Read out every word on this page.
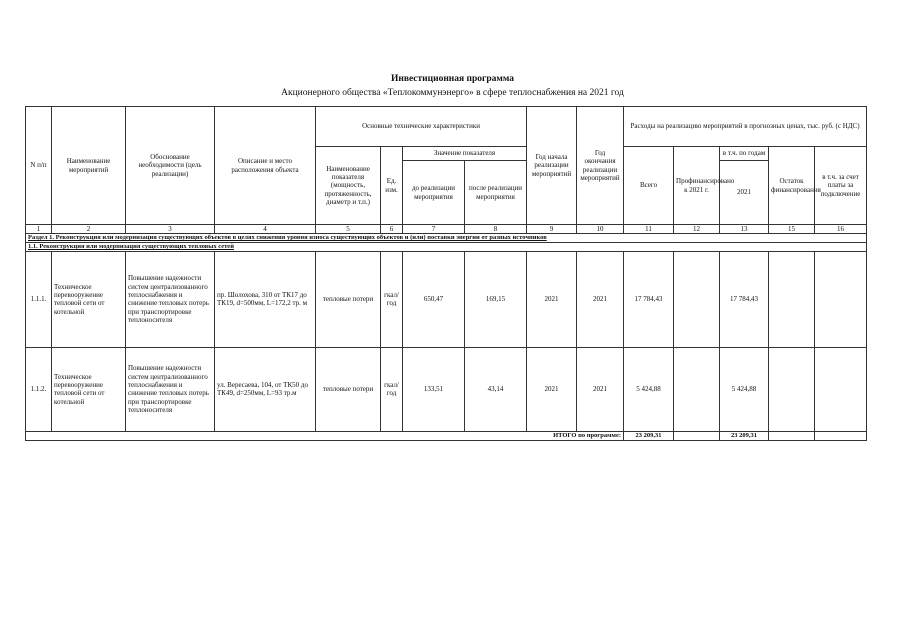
Инвестиционная программа
Акционерного общества «Теплокоммунэнерго» в сфере теплоснабжения на 2021 год
N п/п	Наименование мероприятий	Обоснование необходимости (цель реализации)	Описание и место расположения объекта	Основные технические характеристики				Год начала реализации мероприятий	Год окончания реализации мероприятий	Расходы на реализацию мероприятий в прогнозных ценах, тыс. руб. (с НДС)				
				Наименование показателя (мощность, протяженность, диаметр и т.п.)	Ед. изм.	Значение показателя				Всего	Профинансировано к 2021 г.	в т.ч. по годам	Остаток финансирования	в т.ч. за счет платы за подключение
						до реализации мероприятия	после реализации мероприятия					2021		
1	2	3	4	5	6	7	8	9	10	11	12	13	15	16
Раздел 1. Реконструкция или модернизация существующих объектов в целях снижения уровня износа существующих объектов и (или) поставки энергии от разных источников														
1.1. Реконструкция или модернизация существующих тепловых сетей														
1.1.1.	Техническое перевооружение тепловой сети от котельной	Повышение надежности систем централизованного теплоснабжения и снижение тепловых потерь при транспортировке теплоносителя	пр. Шолохова, 310 от ТК17 до ТК19, d=500мм, L=172,2 тр. м	тепловые потери	гкал/год	650,47	169,15	2021	2021	17 784,43		17 784,43		
1.1.2.	Техническое перевооружение тепловой сети от котельной	Повышение надежности систем централизованного теплоснабжения и снижение тепловых потерь при транспортировке теплоносителя	ул. Вересаева, 104, от ТК50 до ТК49, d=250мм, L=93 тр.м	тепловые потери	гкал/год	133,51	43,14	2021	2021	5 424,88		5 424,88		
ИТОГО по программе:										23 209,31		23 209,31		
